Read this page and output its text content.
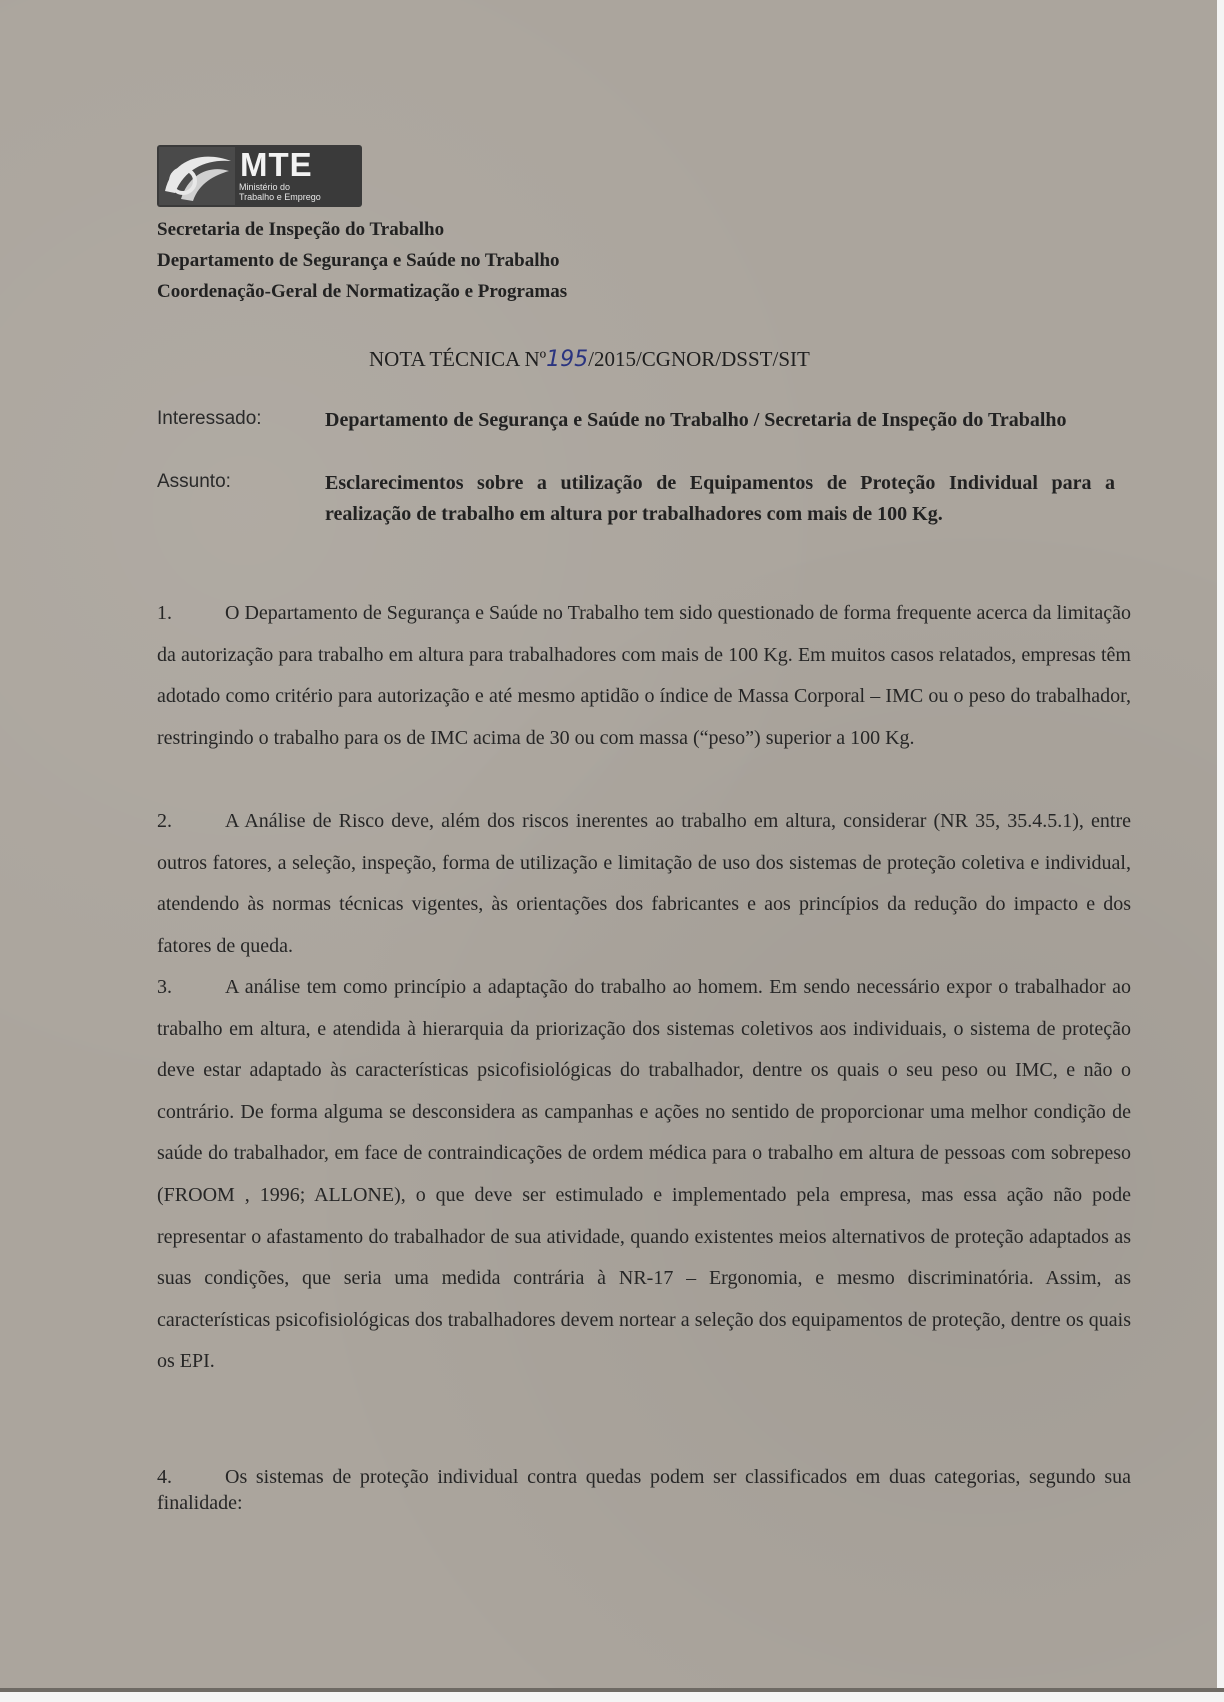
MTE
Ministério do
Trabalho e Emprego
Secretaria de Inspeção do Trabalho
Departamento de Segurança e Saúde no Trabalho
Coordenação-Geral de Normatização e Programas
NOTA TÉCNICA Nº195/2015/CGNOR/DSST/SIT
Interessado:	Departamento de Segurança e Saúde no Trabalho / Secretaria de Inspeção do Trabalho
Assunto:	Esclarecimentos sobre a utilização de Equipamentos de Proteção Individual para a realização de trabalho em altura por trabalhadores com mais de 100 Kg.

1.	O Departamento de Segurança e Saúde no Trabalho tem sido questionado de forma frequente acerca da limitação da autorização para trabalho em altura para trabalhadores com mais de 100 Kg. Em muitos casos relatados, empresas têm adotado como critério para autorização e até mesmo aptidão o índice de Massa Corporal – IMC ou o peso do trabalhador, restringindo o trabalho para os de IMC acima de 30 ou com massa (“peso”) superior a 100 Kg.

2.	A Análise de Risco deve, além dos riscos inerentes ao trabalho em altura, considerar (NR 35, 35.4.5.1), entre outros fatores, a seleção, inspeção, forma de utilização e limitação de uso dos sistemas de proteção coletiva e individual, atendendo às normas técnicas vigentes, às orientações dos fabricantes e aos princípios da redução do impacto e dos fatores de queda.

3.	A análise tem como princípio a adaptação do trabalho ao homem. Em sendo necessário expor o trabalhador ao trabalho em altura, e atendida à hierarquia da priorização dos sistemas coletivos aos individuais, o sistema de proteção deve estar adaptado às características psicofisiológicas do trabalhador, dentre os quais o seu peso ou IMC, e não o contrário. De forma alguma se desconsidera as campanhas e ações no sentido de proporcionar uma melhor condição de saúde do trabalhador, em face de contraindicações de ordem médica para o trabalho em altura de pessoas com sobrepeso (FROOM , 1996; ALLONE), o que deve ser estimulado e implementado pela empresa, mas essa ação não pode representar o afastamento do trabalhador de sua atividade, quando existentes meios alternativos de proteção adaptados as suas condições, que seria uma medida contrária à NR-17 – Ergonomia, e mesmo discriminatória. Assim, as características psicofisiológicas dos trabalhadores devem nortear a seleção dos equipamentos de proteção, dentre os quais os EPI.

4.	Os sistemas de proteção individual contra quedas podem ser classificados em duas categorias, segundo sua finalidade:
